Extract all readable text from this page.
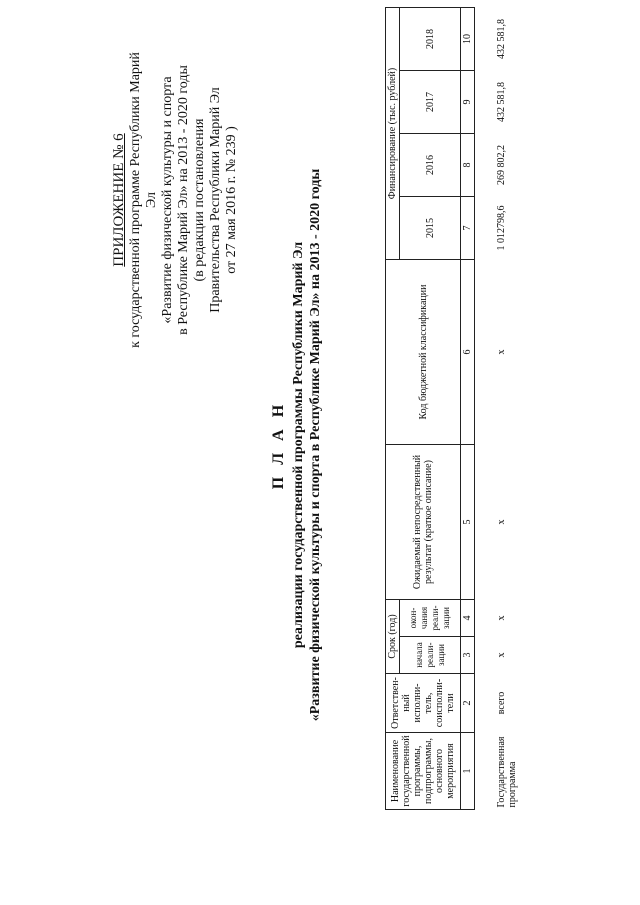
ПРИЛОЖЕНИЕ № 6 к государственной программе Республики Марий Эл «Развитие физической культуры и спорта в Республике Марий Эл» на 2013 - 2020 годы (в редакции постановления Правительства Республики Марий Эл от 27 мая 2016 г. № 239 )
П Л А Н реализации государственной программы Республики Марий Эл «Развитие физической культуры и спорта в Республике Марий Эл» на 2013 - 2020 годы
Наименование государственной программы, подпрограммы, основного мероприятия	Ответствен-ный исполни-тель, соисполни-тели	Срок (год)		Ожидаемый непосредственный результат (краткое описание)	Код бюджетной классификации	Финансирование (тыс. рублей)			
		начала реали-зации	окон-чания реали-зации			2015	2016	2017	2018
1	2	3	4	5	6	7	8	9	10
Государственная программа	всего	х	х	х	х	1 012798,6	269 802,2	432 581,8	432 581,8
